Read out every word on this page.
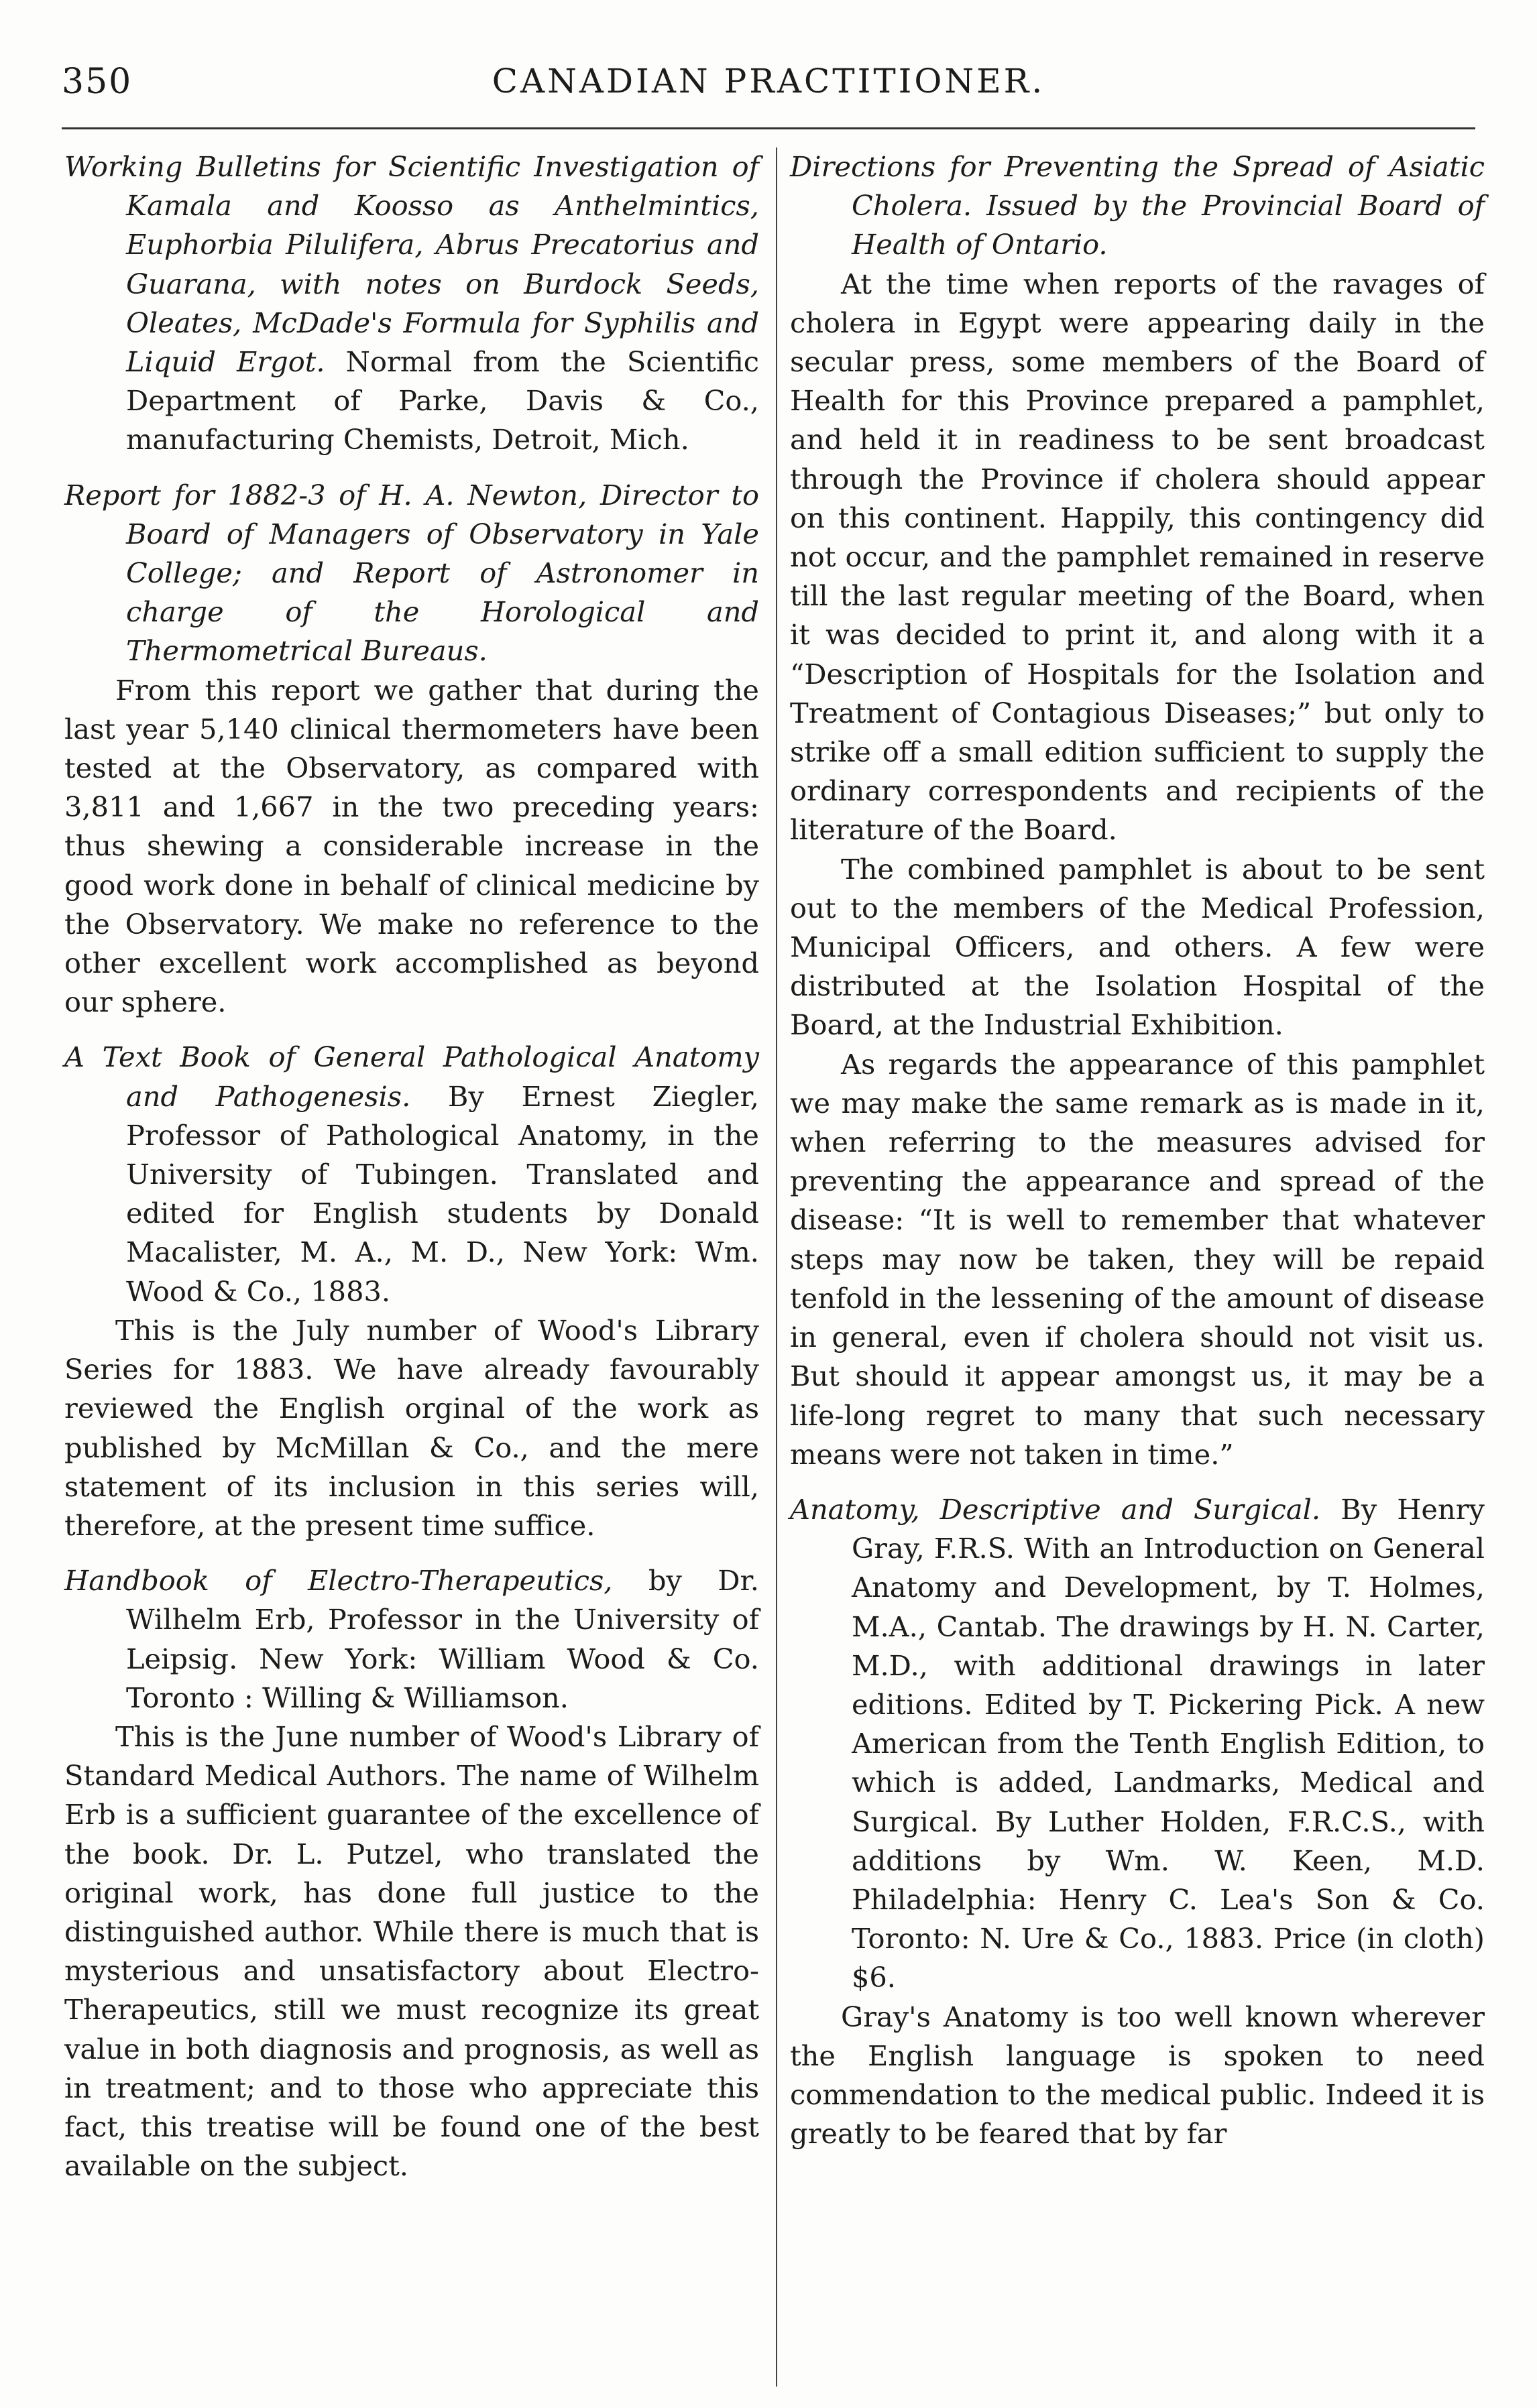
350	CANADIAN PRACTITIONER.
Working Bulletins for Scientific Investigation of Kamala and Koosso as Anthelmintics, Euphorbia Pilulifera, Abrus Precatorius and Guarana, with notes on Burdock Seeds, Oleates, McDade's Formula for Syphilis and Liquid Ergot. Normal from the Scientific Department of Parke, Davis & Co., manufacturing Chemists, Detroit, Mich.
Report for 1882-3 of H. A. Newton, Director to Board of Managers of Observatory in Yale College; and Report of Astronomer in charge of the Horological and Thermometrical Bureaus.

From this report we gather that during the last year 5,140 clinical thermometers have been tested at the Observatory, as compared with 3,811 and 1,667 in the two preceding years: thus shewing a considerable increase in the good work done in behalf of clinical medicine by the Observatory. We make no reference to the other excellent work accomplished as beyond our sphere.

A Text Book of General Pathological Anatomy and Pathogenesis. By Ernest Ziegler, Professor of Pathological Anatomy, in the University of Tubingen. Translated and edited for English students by Donald Macalister, M. A., M. D., New York: Wm. Wood & Co., 1883.

This is the July number of Wood's Library Series for 1883. We have already favourably reviewed the English orginal of the work as published by McMillan & Co., and the mere statement of its inclusion in this series will, therefore, at the present time suffice.

Handbook of Electro-Therapeutics, by Dr. Wilhelm Erb, Professor in the University of Leipsig. New York: William Wood & Co. Toronto : Willing & Williamson.

This is the June number of Wood's Library of Standard Medical Authors. The name of Wilhelm Erb is a sufficient guarantee of the excellence of the book. Dr. L. Putzel, who translated the original work, has done full justice to the distinguished author. While there is much that is mysterious and unsatisfactory about Electro-Therapeutics, still we must recognize its great value in both diagnosis and prognosis, as well as in treatment; and to those who appreciate this fact, this treatise will be found one of the best available on the subject.

Directions for Preventing the Spread of Asiatic Cholera. Issued by the Provincial Board of Health of Ontario.

At the time when reports of the ravages of cholera in Egypt were appearing daily in the secular press, some members of the Board of Health for this Province prepared a pamphlet, and held it in readiness to be sent broadcast through the Province if cholera should appear on this continent. Happily, this contingency did not occur, and the pamphlet remained in reserve till the last regular meeting of the Board, when it was decided to print it, and along with it a “Description of Hospitals for the Isolation and Treatment of Contagious Diseases;” but only to strike off a small edition sufficient to supply the ordinary correspondents and recipients of the literature of the Board.

The combined pamphlet is about to be sent out to the members of the Medical Profession, Municipal Officers, and others. A few were distributed at the Isolation Hospital of the Board, at the Industrial Exhibition.

As regards the appearance of this pamphlet we may make the same remark as is made in it, when referring to the measures advised for preventing the appearance and spread of the disease: “It is well to remember that whatever steps may now be taken, they will be repaid tenfold in the lessening of the amount of disease in general, even if cholera should not visit us. But should it appear amongst us, it may be a life-long regret to many that such necessary means were not taken in time.”

Anatomy, Descriptive and Surgical. By Henry Gray, F.R.S. With an Introduction on General Anatomy and Development, by T. Holmes, M.A., Cantab. The drawings by H. N. Carter, M.D., with additional drawings in later editions. Edited by T. Pickering Pick. A new American from the Tenth English Edition, to which is added, Landmarks, Medical and Surgical. By Luther Holden, F.R.C.S., with additions by Wm. W. Keen, M.D. Philadelphia: Henry C. Lea's Son & Co. Toronto: N. Ure & Co., 1883. Price (in cloth) $6.

Gray's Anatomy is too well known wherever the English language is spoken to need commendation to the medical public. Indeed it is greatly to be feared that by far
